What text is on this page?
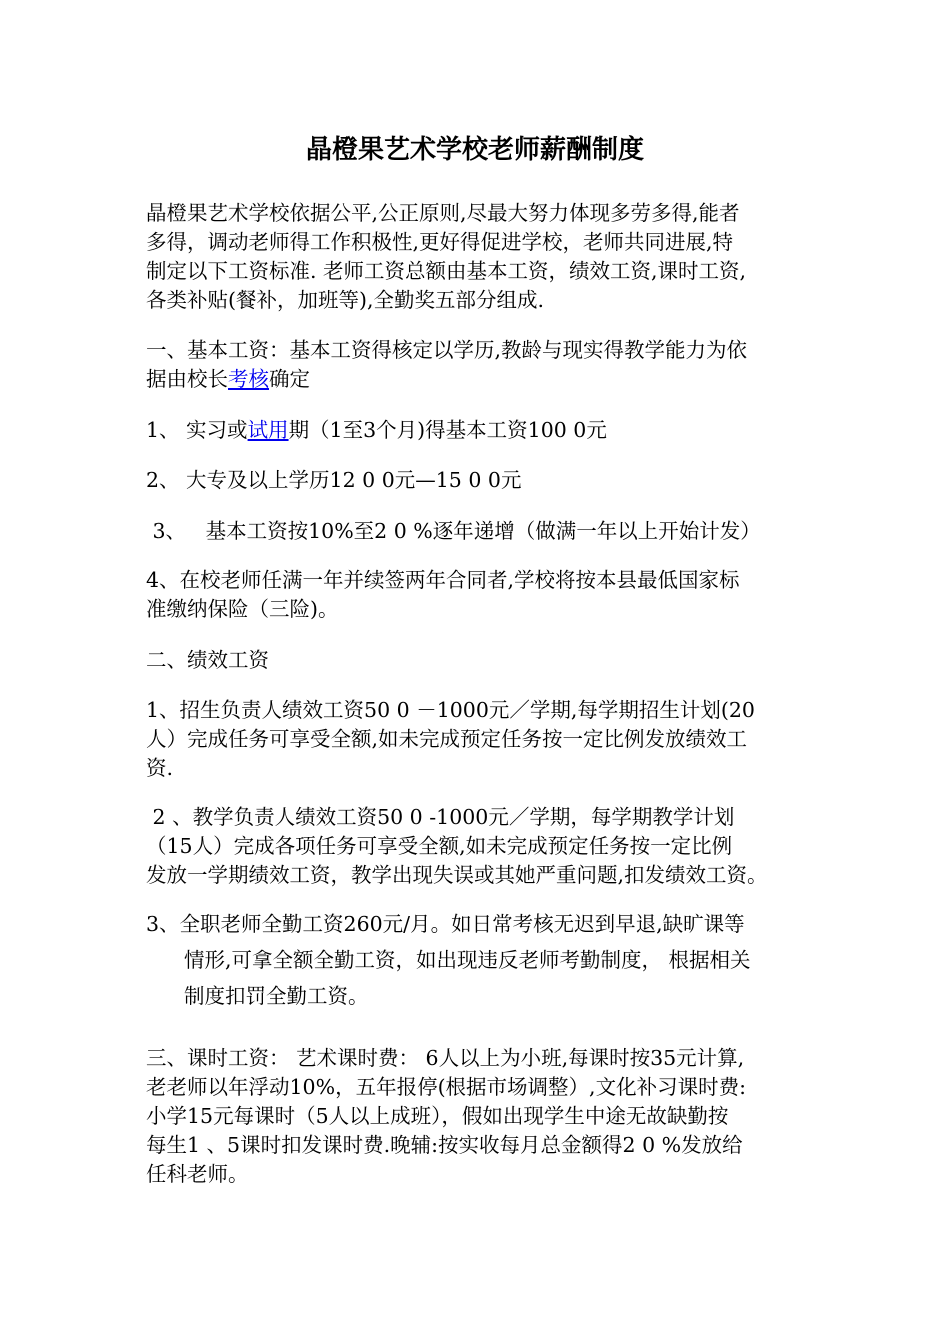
晶橙果艺术学校老师薪酬制度
晶橙果艺术学校依据公平,公正原则,尽最大努力体现多劳多得,能者
多得，调动老师得工作积极性,更好得促进学校，老师共同进展,特
制定以下工资标准. 老师工资总额由基本工资，绩效工资,课时工资,
各类补贴(餐补，加班等),全勤奖五部分组成.
一、基本工资：基本工资得核定以学历,教龄与现实得教学能力为依
据由校长考核确定
1、 实习或试用期（1至3个月)得基本工资100 0元
2、 大专及以上学历12 0 0元—15 0 0元
3、   基本工资按10%至2 0 %逐年递增（做满一年以上开始计发）
4、在校老师任满一年并续签两年合同者,学校将按本县最低国家标
准缴纳保险（三险)。
二、绩效工资
1、招生负责人绩效工资50 0 －1000元／学期,每学期招生计划(20
人）完成任务可享受全额,如未完成预定任务按一定比例发放绩效工
资.
2 、教学负责人绩效工资50 0 -1000元／学期，每学期教学计划
（15人）完成各项任务可享受全额,如未完成预定任务按一定比例
发放一学期绩效工资，教学出现失误或其她严重问题,扣发绩效工资。
3、全职老师全勤工资260元/月。如日常考核无迟到早退,缺旷课等
情形,可拿全额全勤工资，如出现违反老师考勤制度， 根据相关
制度扣罚全勤工资。
三、课时工资： 艺术课时费： 6人以上为小班,每课时按35元计算,
老老师以年浮动10%，五年报停(根据市场调整）,文化补习课时费:
小学15元每课时（5人以上成班），假如出现学生中途无故缺勤按
每生1 、5课时扣发课时费.晚辅:按实收每月总金额得2 0 %发放给
任科老师。
